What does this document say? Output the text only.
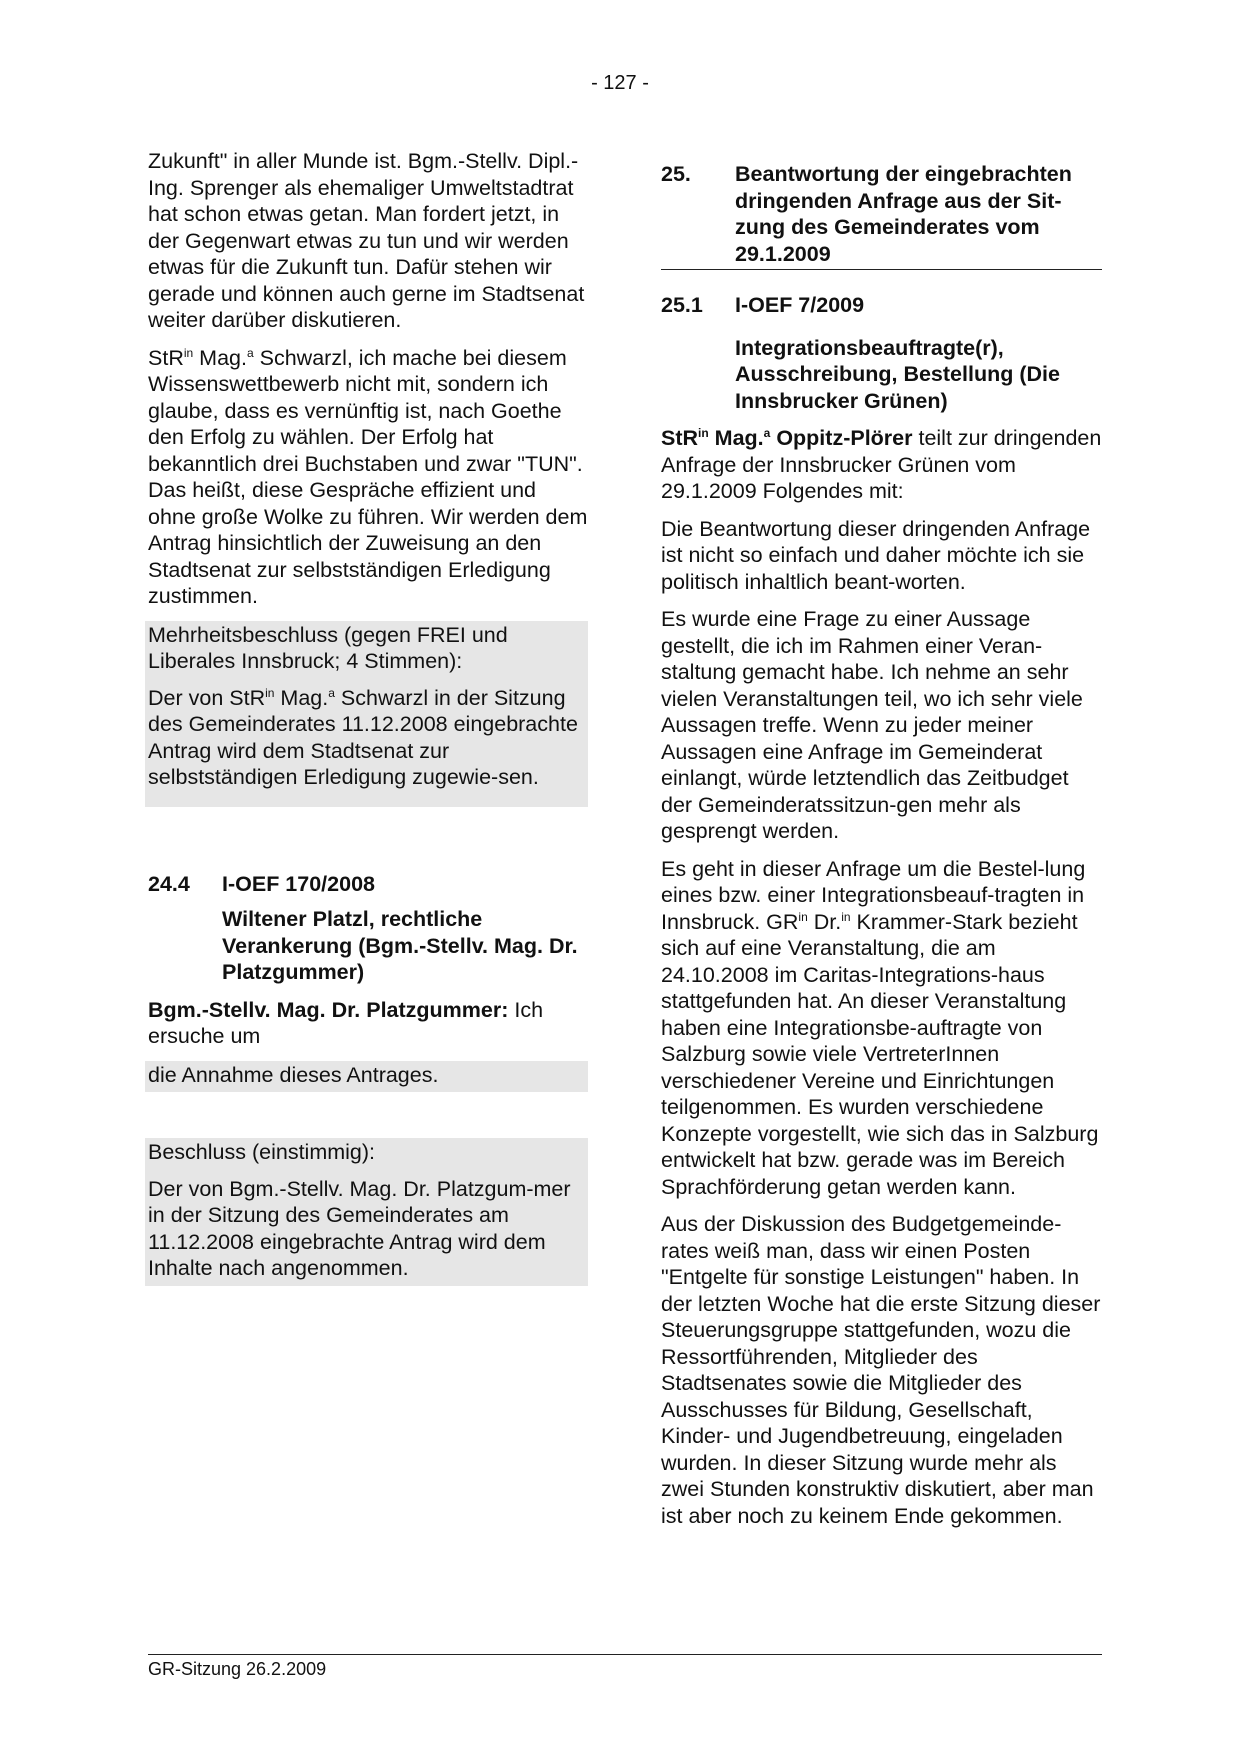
- 127 -

Zukunft" in aller Munde ist. Bgm.-Stellv. Dipl.-Ing. Sprenger als ehemaliger Umweltstadtrat hat schon etwas getan. Man fordert jetzt, in der Gegenwart etwas zu tun und wir werden etwas für die Zukunft tun. Dafür stehen wir gerade und können auch gerne im Stadtsenat weiter darüber diskutieren.

StR$^{in}$ Mag.$^a$ Schwarzl, ich mache bei diesem Wissenswettbewerb nicht mit, sondern ich glaube, dass es vernünftig ist, nach Goethe den Erfolg zu wählen. Der Erfolg hat bekanntlich drei Buchstaben und zwar "TUN". Das heißt, diese Gespräche effizient und ohne große Wolke zu führen. Wir werden dem Antrag hinsichtlich der Zuweisung an den Stadtsenat zur selbstständigen Erledigung zustimmen.

Mehrheitsbeschluss (gegen FREI und Liberales Innsbruck; 4 Stimmen):

Der von StR$^{in}$ Mag.$^a$ Schwarzl in der Sitzung des Gemeinderates 11.12.2008 eingebrachte Antrag wird dem Stadtsenat zur selbstständigen Erledigung zugewie-sen.

24.4	I-OEF 170/2008
Wiltener Platzl, rechtliche Verankerung (Bgm.-Stellv. Mag. Dr. Platzgummer)

Bgm.-Stellv. Mag. Dr. Platzgummer: Ich ersuche um

die Annahme dieses Antrages.

Beschluss (einstimmig):

Der von Bgm.-Stellv. Mag. Dr. Platzgum-mer in der Sitzung des Gemeinderates am 11.12.2008 eingebrachte Antrag wird dem Inhalte nach angenommen.

25.	Beantwortung der eingebrachten dringenden Anfrage aus der Sit-zung des Gemeinderates vom 29.1.2009
25.1	I-OEF 7/2009
Integrationsbeauftragte(r), Ausschreibung, Bestellung (Die Innsbrucker Grünen)

StR$^{in}$ Mag.$^a$ Oppitz-Plörer teilt zur dringenden Anfrage der Innsbrucker Grünen vom 29.1.2009 Folgendes mit:

Die Beantwortung dieser dringenden Anfrage ist nicht so einfach und daher möchte ich sie politisch inhaltlich beant-worten.

Es wurde eine Frage zu einer Aussage gestellt, die ich im Rahmen einer Veran-staltung gemacht habe. Ich nehme an sehr vielen Veranstaltungen teil, wo ich sehr viele Aussagen treffe. Wenn zu jeder meiner Aussagen eine Anfrage im Gemeinderat einlangt, würde letztendlich das Zeitbudget der Gemeinderatssitzun-gen mehr als gesprengt werden.

Es geht in dieser Anfrage um die Bestel-lung eines bzw. einer Integrationsbeauf-tragten in Innsbruck. $GR^{in}$ Dr.$^{in}$ Krammer-Stark bezieht sich auf eine Veranstaltung, die am 24.10.2008 im Caritas-Integrations-haus stattgefunden hat. An dieser Veranstaltung haben eine Integrationsbe-auftragte von Salzburg sowie viele VertreterInnen verschiedener Vereine und Einrichtungen teilgenommen. Es wurden verschiedene Konzepte vorgestellt, wie sich das in Salzburg entwickelt hat bzw. gerade was im Bereich Sprachförderung getan werden kann.

Aus der Diskussion des Budgetgemeinde-rates weiß man, dass wir einen Posten "Entgelte für sonstige Leistungen" haben. In der letzten Woche hat die erste Sitzung dieser Steuerungsgruppe stattgefunden, wozu die Ressortführenden, Mitglieder des Stadtsenates sowie die Mitglieder des Ausschusses für Bildung, Gesellschaft, Kinder- und Jugendbetreuung, eingeladen wurden. In dieser Sitzung wurde mehr als zwei Stunden konstruktiv diskutiert, aber man ist aber noch zu keinem Ende gekommen.

GR-Sitzung 26.2.2009
